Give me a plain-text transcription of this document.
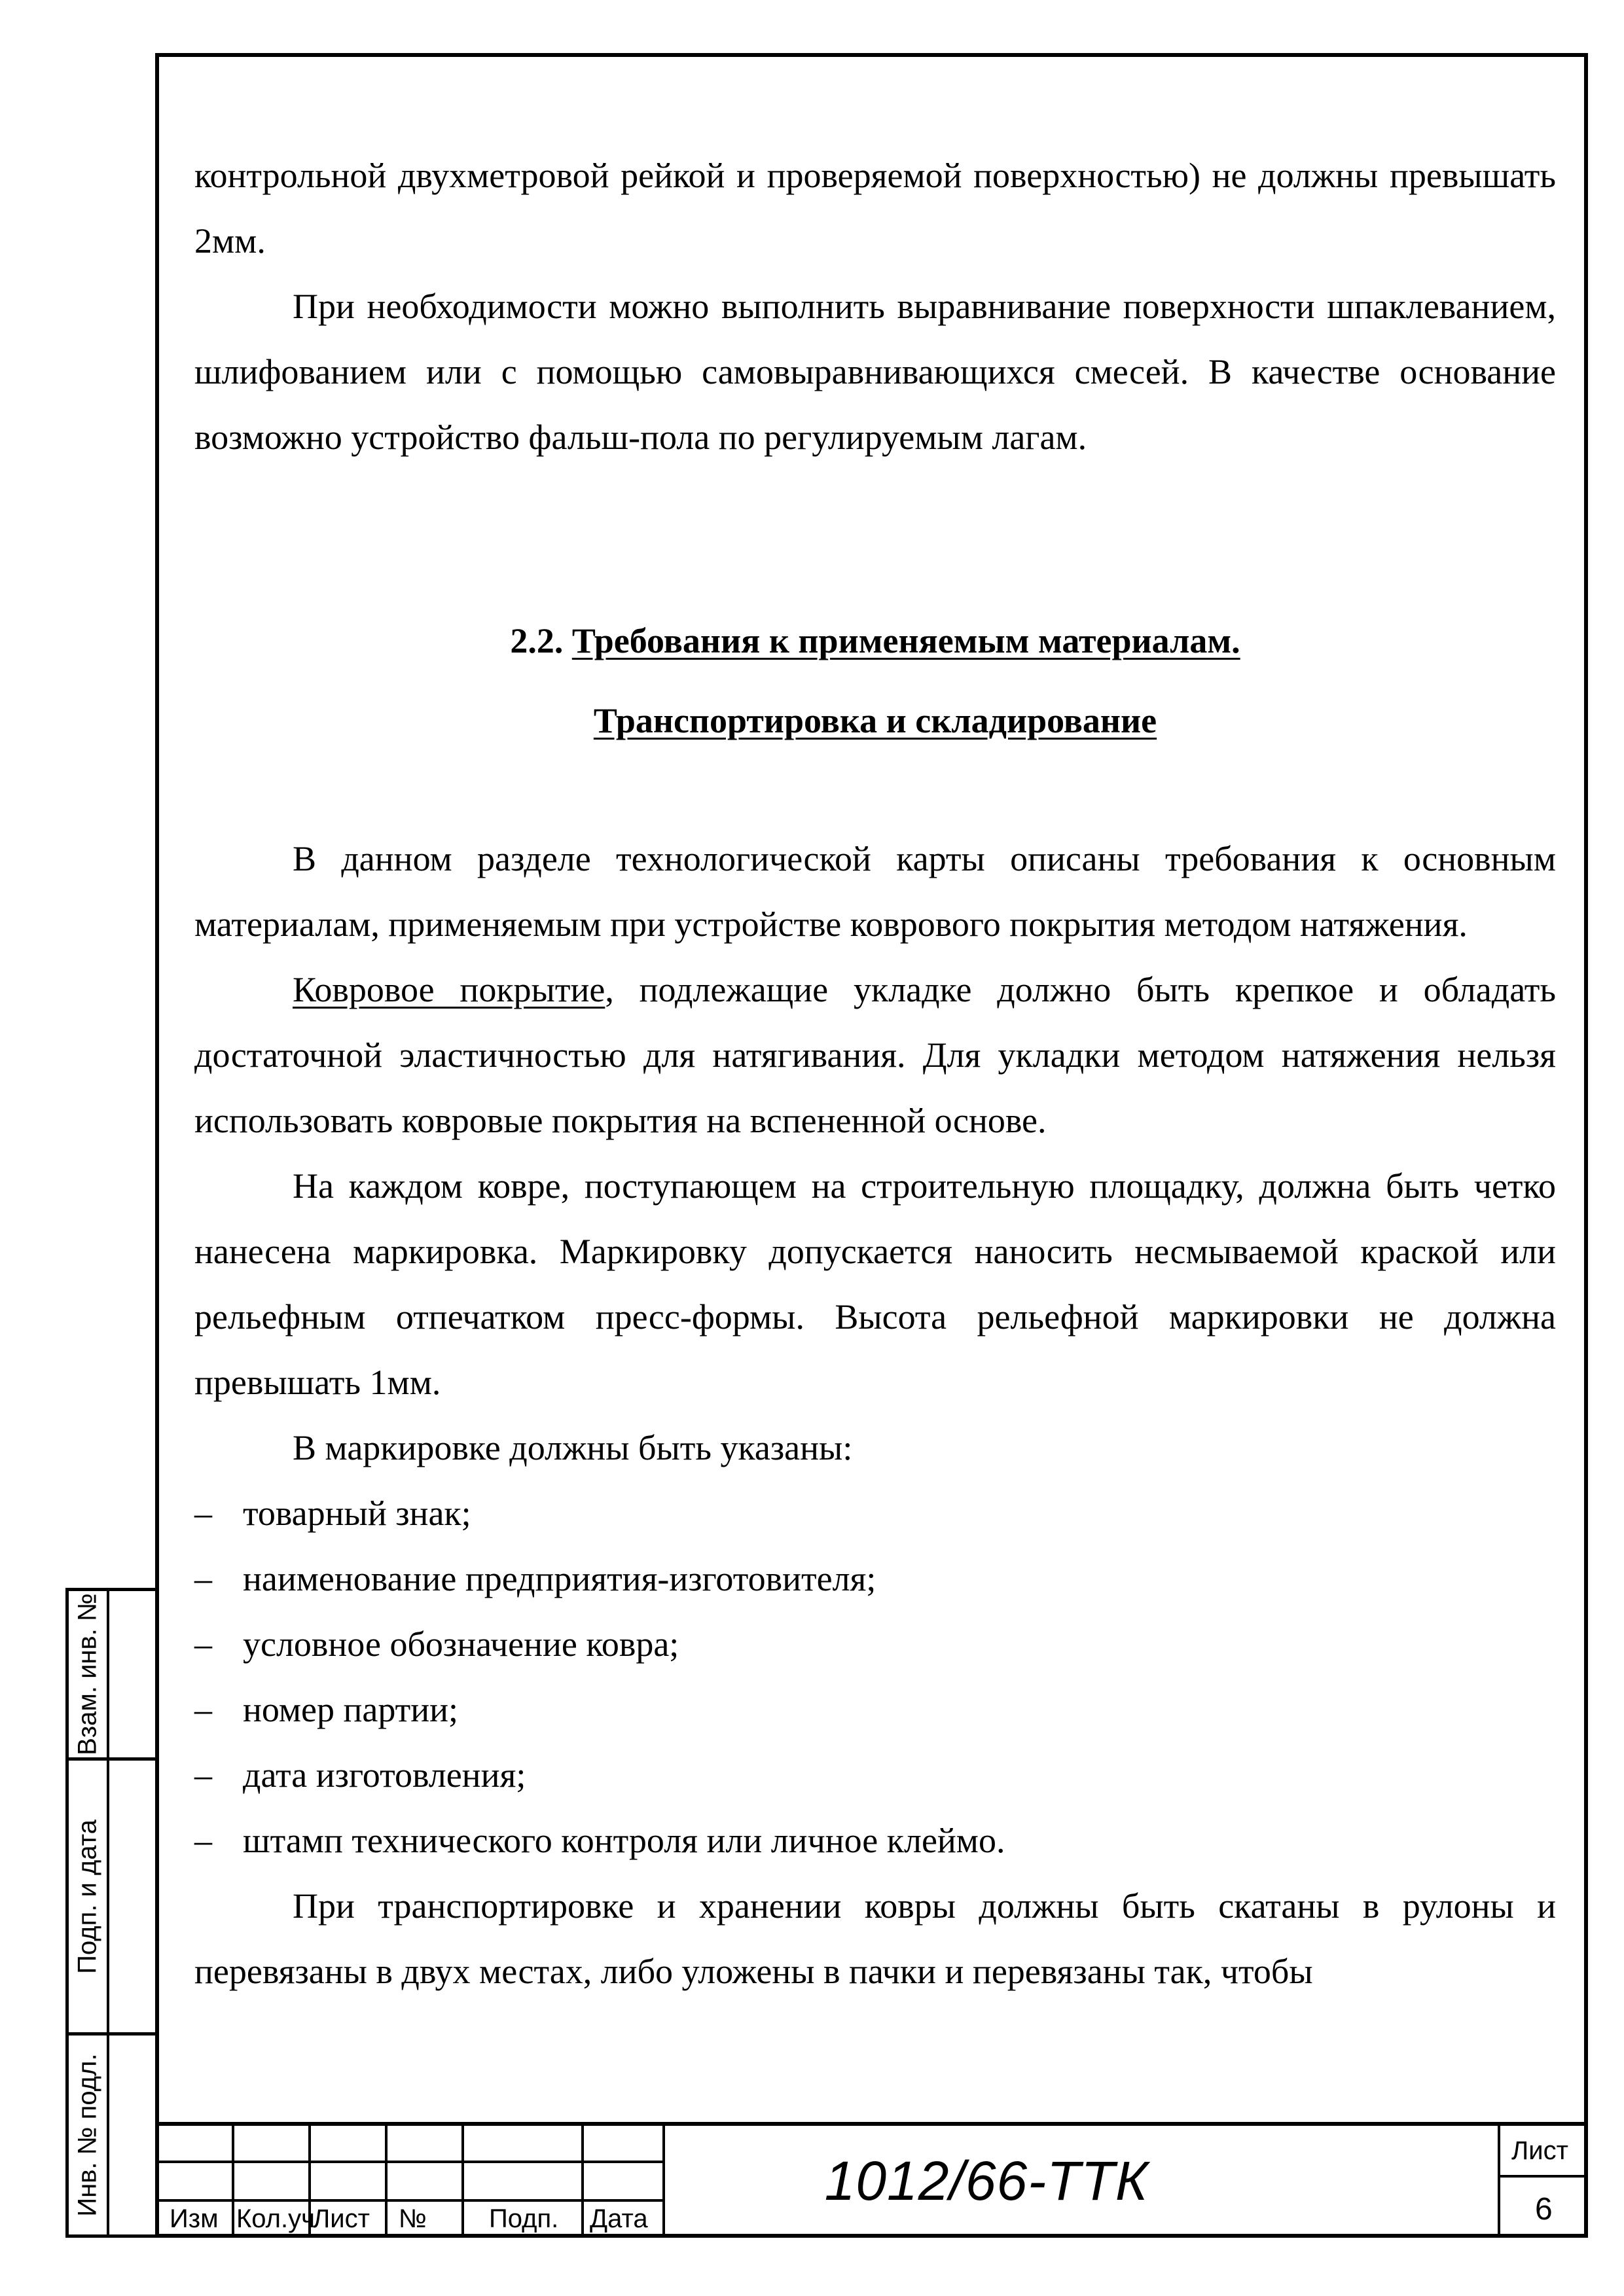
контрольной двухметровой рейкой и проверяемой поверхностью) не должны превышать 2мм.

При необходимости можно выполнить выравнивание поверхности шпаклеванием, шлифованием или с помощью самовыравнивающихся смесей. В качестве основание возможно устройство фальш-пола по регулируемым лагам.

2.2. Требования к применяемым материалам.

Транспортировка и складирование

В данном разделе технологической карты описаны требования к основным материалам, применяемым при устройстве коврового покрытия методом натяжения.

Ковровое покрытие, подлежащие укладке должно быть крепкое и обладать достаточной эластичностью для натягивания. Для укладки методом натяжения нельзя использовать ковровые покрытия на вспененной основе.

На каждом ковре, поступающем на строительную площадку, должна быть четко нанесена маркировка. Маркировку допускается наносить несмываемой краской или рельефным отпечатком пресс-формы. Высота рельефной маркировки не должна превышать 1мм.

В маркировке должны быть указаны:

– товарный знак;
– наименование предприятия-изготовителя;
– условное обозначение ковра;
– номер партии;
– дата изготовления;
– штамп технического контроля или личное клеймо.

При транспортировке и хранении ковры должны быть скатаны в рулоны и перевязаны в двух местах, либо уложены в пачки и перевязаны так, чтобы

Взам. инв. №
Подп. и дата
Инв. № подл.
Изм Кол.уч
Лист № Подп. Дата
1012/66-ТТК	Лист
6
